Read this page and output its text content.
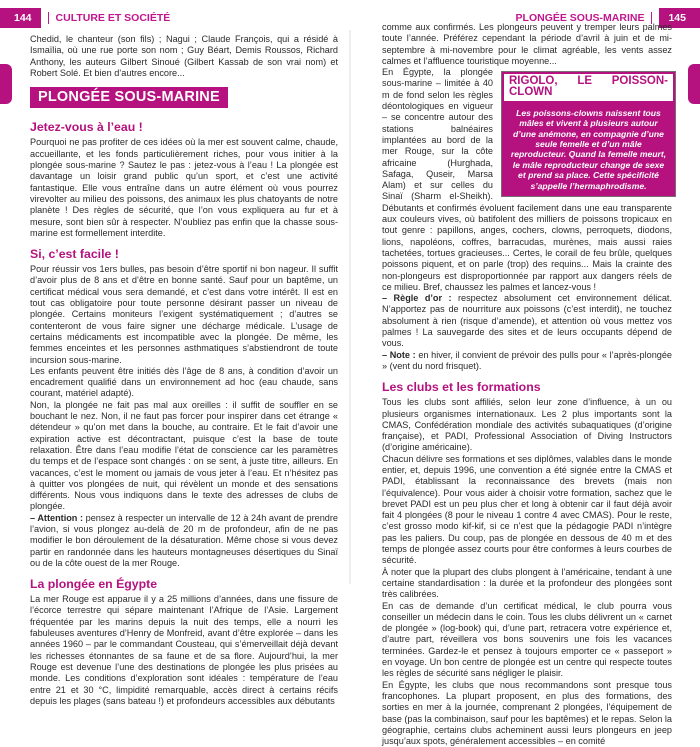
144	CULTURE ET SOCIÉTÉ	PLONGÉE SOUS-MARINE	145

Chedid, le chanteur (son fils) ; Nagui ; Claude François, qui a résidé à Ismaïlia, où une rue porte son nom ; Guy Béart, Demis Roussos, Richard Anthony, les auteurs Gilbert Sinoué (Gilbert Kassab de son vrai nom) et Robert Solé. Et bien d’autres encore...

PLONGÉE SOUS-MARINE
Jetez-vous à l’eau !

Pourquoi ne pas profiter de ces idées où la mer est souvent calme, chaude, accueillante, et les fonds particulièrement riches, pour vous initier à la plongée sous-marine ? Sautez le pas : jetez-vous à l’eau ! La plongée est davantage un loisir grand public qu’un sport, et c’est une activité fantastique. Elle vous entraîne dans un autre élément où vous pourrez virevolter au milieu des poissons, des animaux les plus chatoyants de notre planète ! Des règles de sécurité, que l’on vous expliquera au fur et à mesure, sont bien sûr à respecter. N’oubliez pas enfin que la chasse sous-marine est formellement interdite.

Si, c’est facile !

Pour réussir vos 1ers bulles, pas besoin d’être sportif ni bon nageur. Il suffit d’avoir plus de 8 ans et d’être en bonne santé. Sauf pour un baptême, un certificat médical vous sera demandé, et c’est dans votre intérêt. Il est en tout cas obligatoire pour toute personne désirant passer un niveau de plongée. Certains moniteurs l’exigent systématiquement ; d’autres se contenteront de vous faire signer une décharge médicale. L’usage de certains médicaments est incompatible avec la plongée. De même, les femmes enceintes et les personnes asthmatiques s’abstiendront de toute incursion sous-marine.

Les enfants peuvent être initiés dès l’âge de 8 ans, à condition d’avoir un encadrement qualifié dans un environnement ad hoc (eau chaude, sans courant, matériel adapté).

Non, la plongée ne fait pas mal aux oreilles : il suffit de souffler en se bouchant le nez. Non, il ne faut pas forcer pour inspirer dans cet étrange « détendeur » qu’on met dans la bouche, au contraire. Et le fait d’avoir une expiration active est décontractant, puisque c’est la base de toute relaxation. Être dans l’eau modifie l’état de conscience car les paramètres du temps et de l’espace sont changés : on se sent, à juste titre, ailleurs. En vacances, c’est le moment ou jamais de vous jeter à l’eau. Et n’hésitez pas à quitter vos plongées de nuit, qui révèlent un monde et des sensations différents. Nous vous indiquons dans le texte des adresses de clubs de plongée.

– Attention : pensez à respecter un intervalle de 12 à 24h avant de prendre l’avion, si vous plongez au-delà de 20 m de profondeur, afin de ne pas modifier le bon déroulement de la désaturation. Même chose si vous devez partir en randonnée dans les hauteurs montagneuses désertiques du Sinaï ou de la côte ouest de la mer Rouge.

La plongée en Égypte

La mer Rouge est apparue il y a 25 millions d’années, dans une fissure de l’écorce terrestre qui sépare maintenant l’Afrique de l’Asie. Largement fréquentée par les marins depuis la nuit des temps, elle a nourri les fabuleuses aventures d’Henry de Monfreid, avant d’être explorée – dans les années 1960 – par le commandant Cousteau, qui s’émerveillait déjà devant les richesses étonnantes de sa faune et de sa flore. Aujourd’hui, la mer Rouge est devenue l’une des destinations de plongée les plus prisées au monde. Les conditions d’exploration sont idéales : température de l’eau entre 21 et 30 °C, limpidité remarquable, accès direct à certains récifs depuis les plages (sans bateau !) et profondeurs accessibles aux débutants

comme aux confirmés. Les plongeurs peuvent y tremper leurs palmes toute l’année. Préférez cependant la période d’avril à juin et de mi-septembre à mi-novembre pour le climat agréable, les vents assez calmes et l’affluence touristique moyenne...

RIGOLO, LE POISSON-CLOWN
Les poissons-clowns naissent tous mâles et vivent à plusieurs autour d’une anémone, en compagnie d’une seule femelle et d’un mâle reproducteur. Quand la femelle meurt, le mâle reproducteur change de sexe et prend sa place. Cette spécificité s’appelle l’hermaphrodisme.

En Égypte, la plongée sous-marine – limitée à 40 m de fond selon les règles déontologiques en vigueur – se concentre autour des stations balnéaires implantées au bord de la mer Rouge, sur la côte africaine (Hurghada, Safaga, Quseir, Marsa Alam) et sur celles du Sinaï (Sharm el-Sheikh). Débutants et confirmés évoluent facilement dans une eau transparente aux couleurs vives, où batifolent des milliers de poissons tropicaux en tout genre : papillons, anges, cochers, clowns, perroquets, diodons, lions, napoléons, coffres, barracudas, murènes, mais aussi raies tachetées, tortues gracieuses... Certes, le corail de feu brûle, quelques poissons piquent, et on parle (trop) des requins... Mais la crainte des non-plongeurs est disproportionnée par rapport aux dangers réels de ce milieu. Bref, chaussez les palmes et lancez-vous !

– Règle d’or : respectez absolument cet environnement délicat. N’apportez pas de nourriture aux poissons (c’est interdit), ne touchez absolument à rien (risque d’amende), et attention où vous mettez vos palmes ! La sauvegarde des sites et de leurs occupants dépend de vous.

– Note : en hiver, il convient de prévoir des pulls pour « l’après-plongée » (vent du nord frisquet).

Les clubs et les formations

Tous les clubs sont affiliés, selon leur zone d’influence, à un ou plusieurs organismes internationaux. Les 2 plus importants sont la CMAS, Confédération mondiale des activités subaquatiques (d’origine française), et PADI, Professional Association of Diving Instructors (d’origine américaine).

Chacun délivre ses formations et ses diplômes, valables dans le monde entier, et, depuis 1996, une convention a été signée entre la CMAS et PADI, établissant la reconnaissance des brevets (mais non l’équivalence). Pour vous aider à choisir votre formation, sachez que le brevet PADI est un peu plus cher et long à obtenir car il faut déjà avoir fait 4 plongées (8 pour le niveau 1 contre 4 avec CMAS). Pour le reste, c’est grosso modo kif-kif, si ce n’est que la pédagogie PADI n’intègre pas les paliers. Du coup, pas de plongée en dessous de 40 m et des temps de plongée assez courts pour être conformes à leurs courbes de sécurité.

À noter que la plupart des clubs plongent à l’américaine, tendant à une certaine standardisation : la durée et la profondeur des plongées sont très calibrées.

En cas de demande d’un certificat médical, le club pourra vous conseiller un médecin dans le coin. Tous les clubs délivrent un « carnet de plongée » (log-book) qui, d’une part, retracera votre expérience et, d’autre part, réveillera vos bons souvenirs une fois les vacances terminées. Gardez-le et pensez à toujours emporter ce « passeport » en voyage. Un bon centre de plongée est un centre qui respecte toutes les règles de sécurité sans négliger le plaisir.

En Égypte, les clubs que nous recommandons sont presque tous francophones. La plupart proposent, en plus des formations, des sorties en mer à la journée, comprenant 2 plongées, l’équipement de base (pas la combinaison, sauf pour les baptêmes) et le repas. Selon la géographie, certains clubs acheminent aussi leurs plongeurs en jeep jusqu’aux spots, généralement accessibles – en comité
